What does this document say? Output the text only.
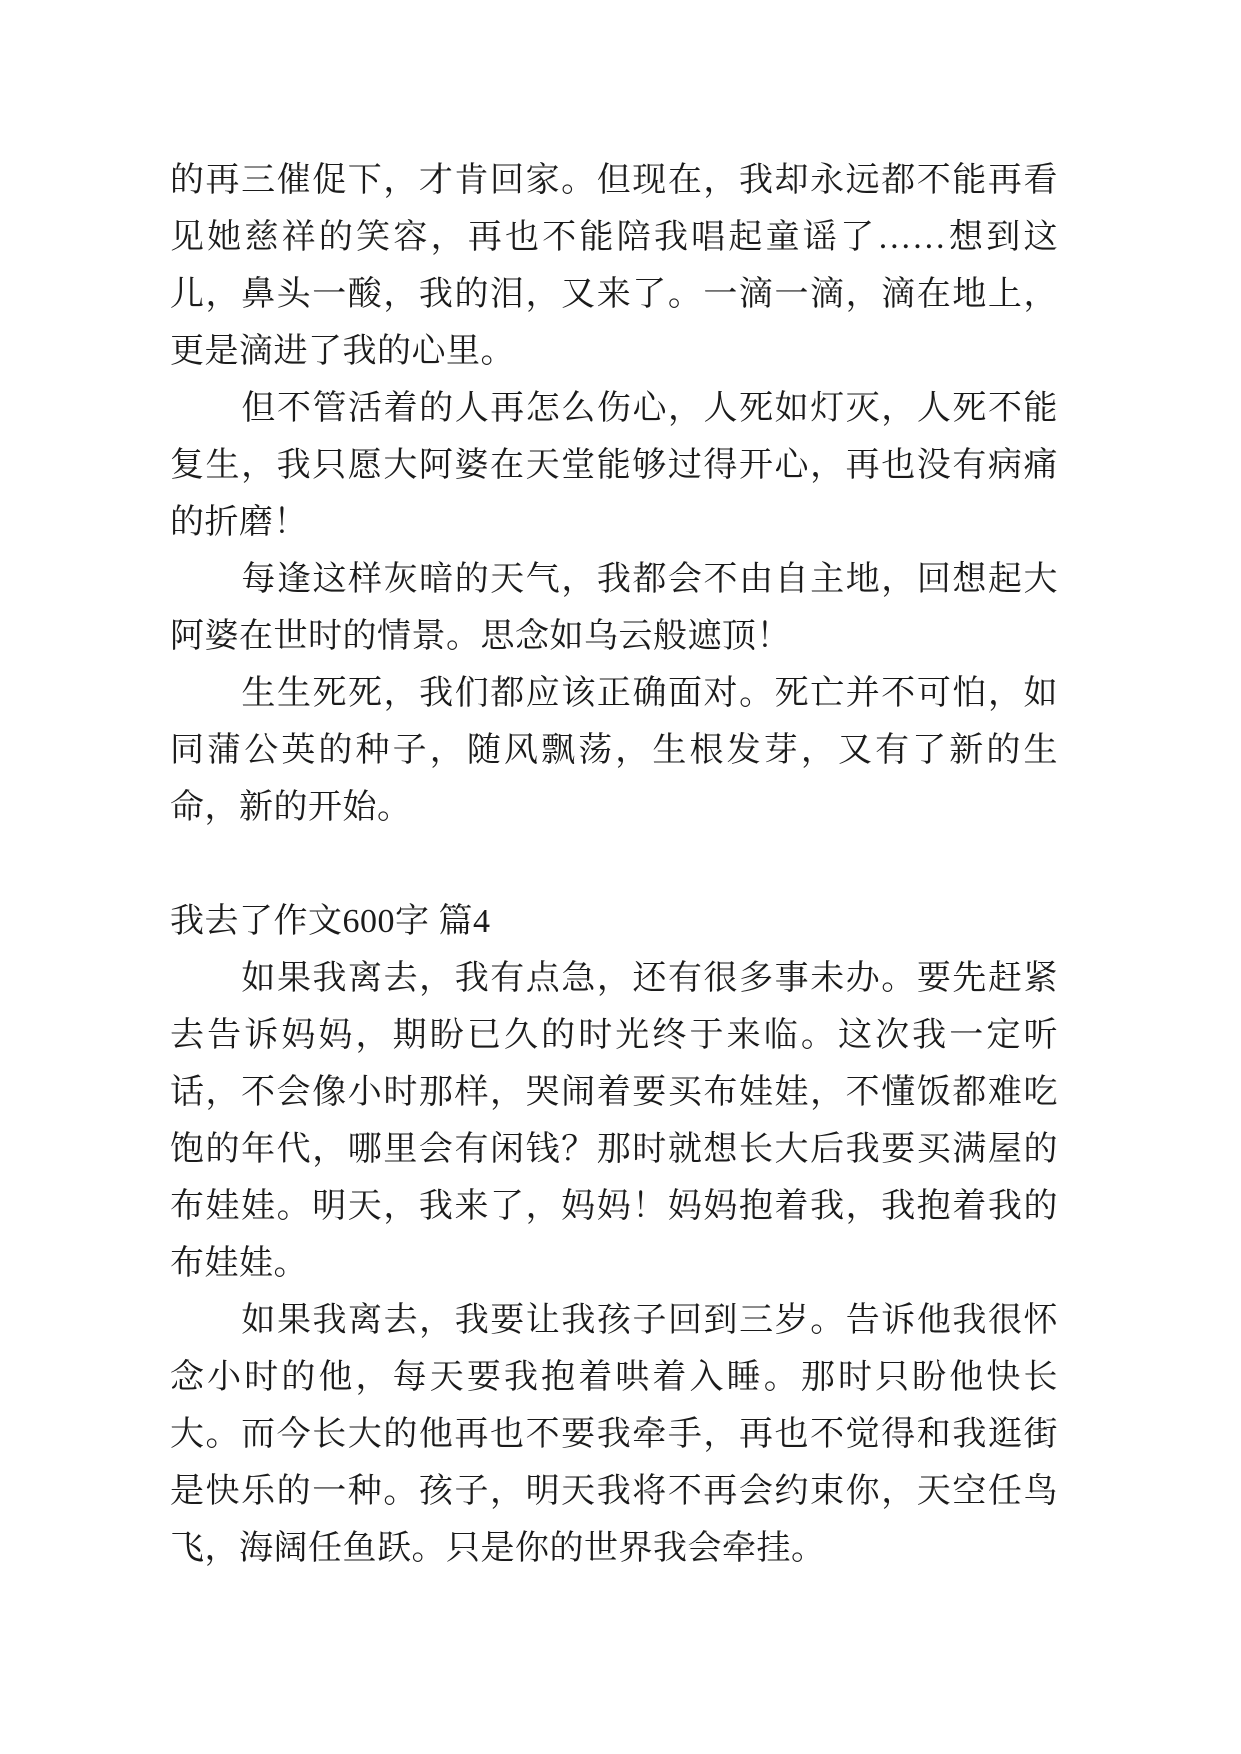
的再三催促下，才肯回家。但现在，我却永远都不能再看见她慈祥的笑容，再也不能陪我唱起童谣了……想到这儿，鼻头一酸，我的泪，又来了。一滴一滴，滴在地上，更是滴进了我的心里。

但不管活着的人再怎么伤心，人死如灯灭，人死不能复生，我只愿大阿婆在天堂能够过得开心，再也没有病痛的折磨！

每逢这样灰暗的天气，我都会不由自主地，回想起大阿婆在世时的情景。思念如乌云般遮顶！

生生死死，我们都应该正确面对。死亡并不可怕，如同蒲公英的种子，随风飘荡，生根发芽，又有了新的生命，新的开始。

我去了作文600字 篇4

如果我离去，我有点急，还有很多事未办。要先赶紧去告诉妈妈，期盼已久的时光终于来临。这次我一定听话，不会像小时那样，哭闹着要买布娃娃，不懂饭都难吃饱的年代，哪里会有闲钱？那时就想长大后我要买满屋的布娃娃。明天，我来了，妈妈！妈妈抱着我，我抱着我的布娃娃。

如果我离去，我要让我孩子回到三岁。告诉他我很怀念小时的他，每天要我抱着哄着入睡。那时只盼他快长大。而今长大的他再也不要我牵手，再也不觉得和我逛街是快乐的一种。孩子，明天我将不再会约束你，天空任鸟飞，海阔任鱼跃。只是你的世界我会牵挂。
